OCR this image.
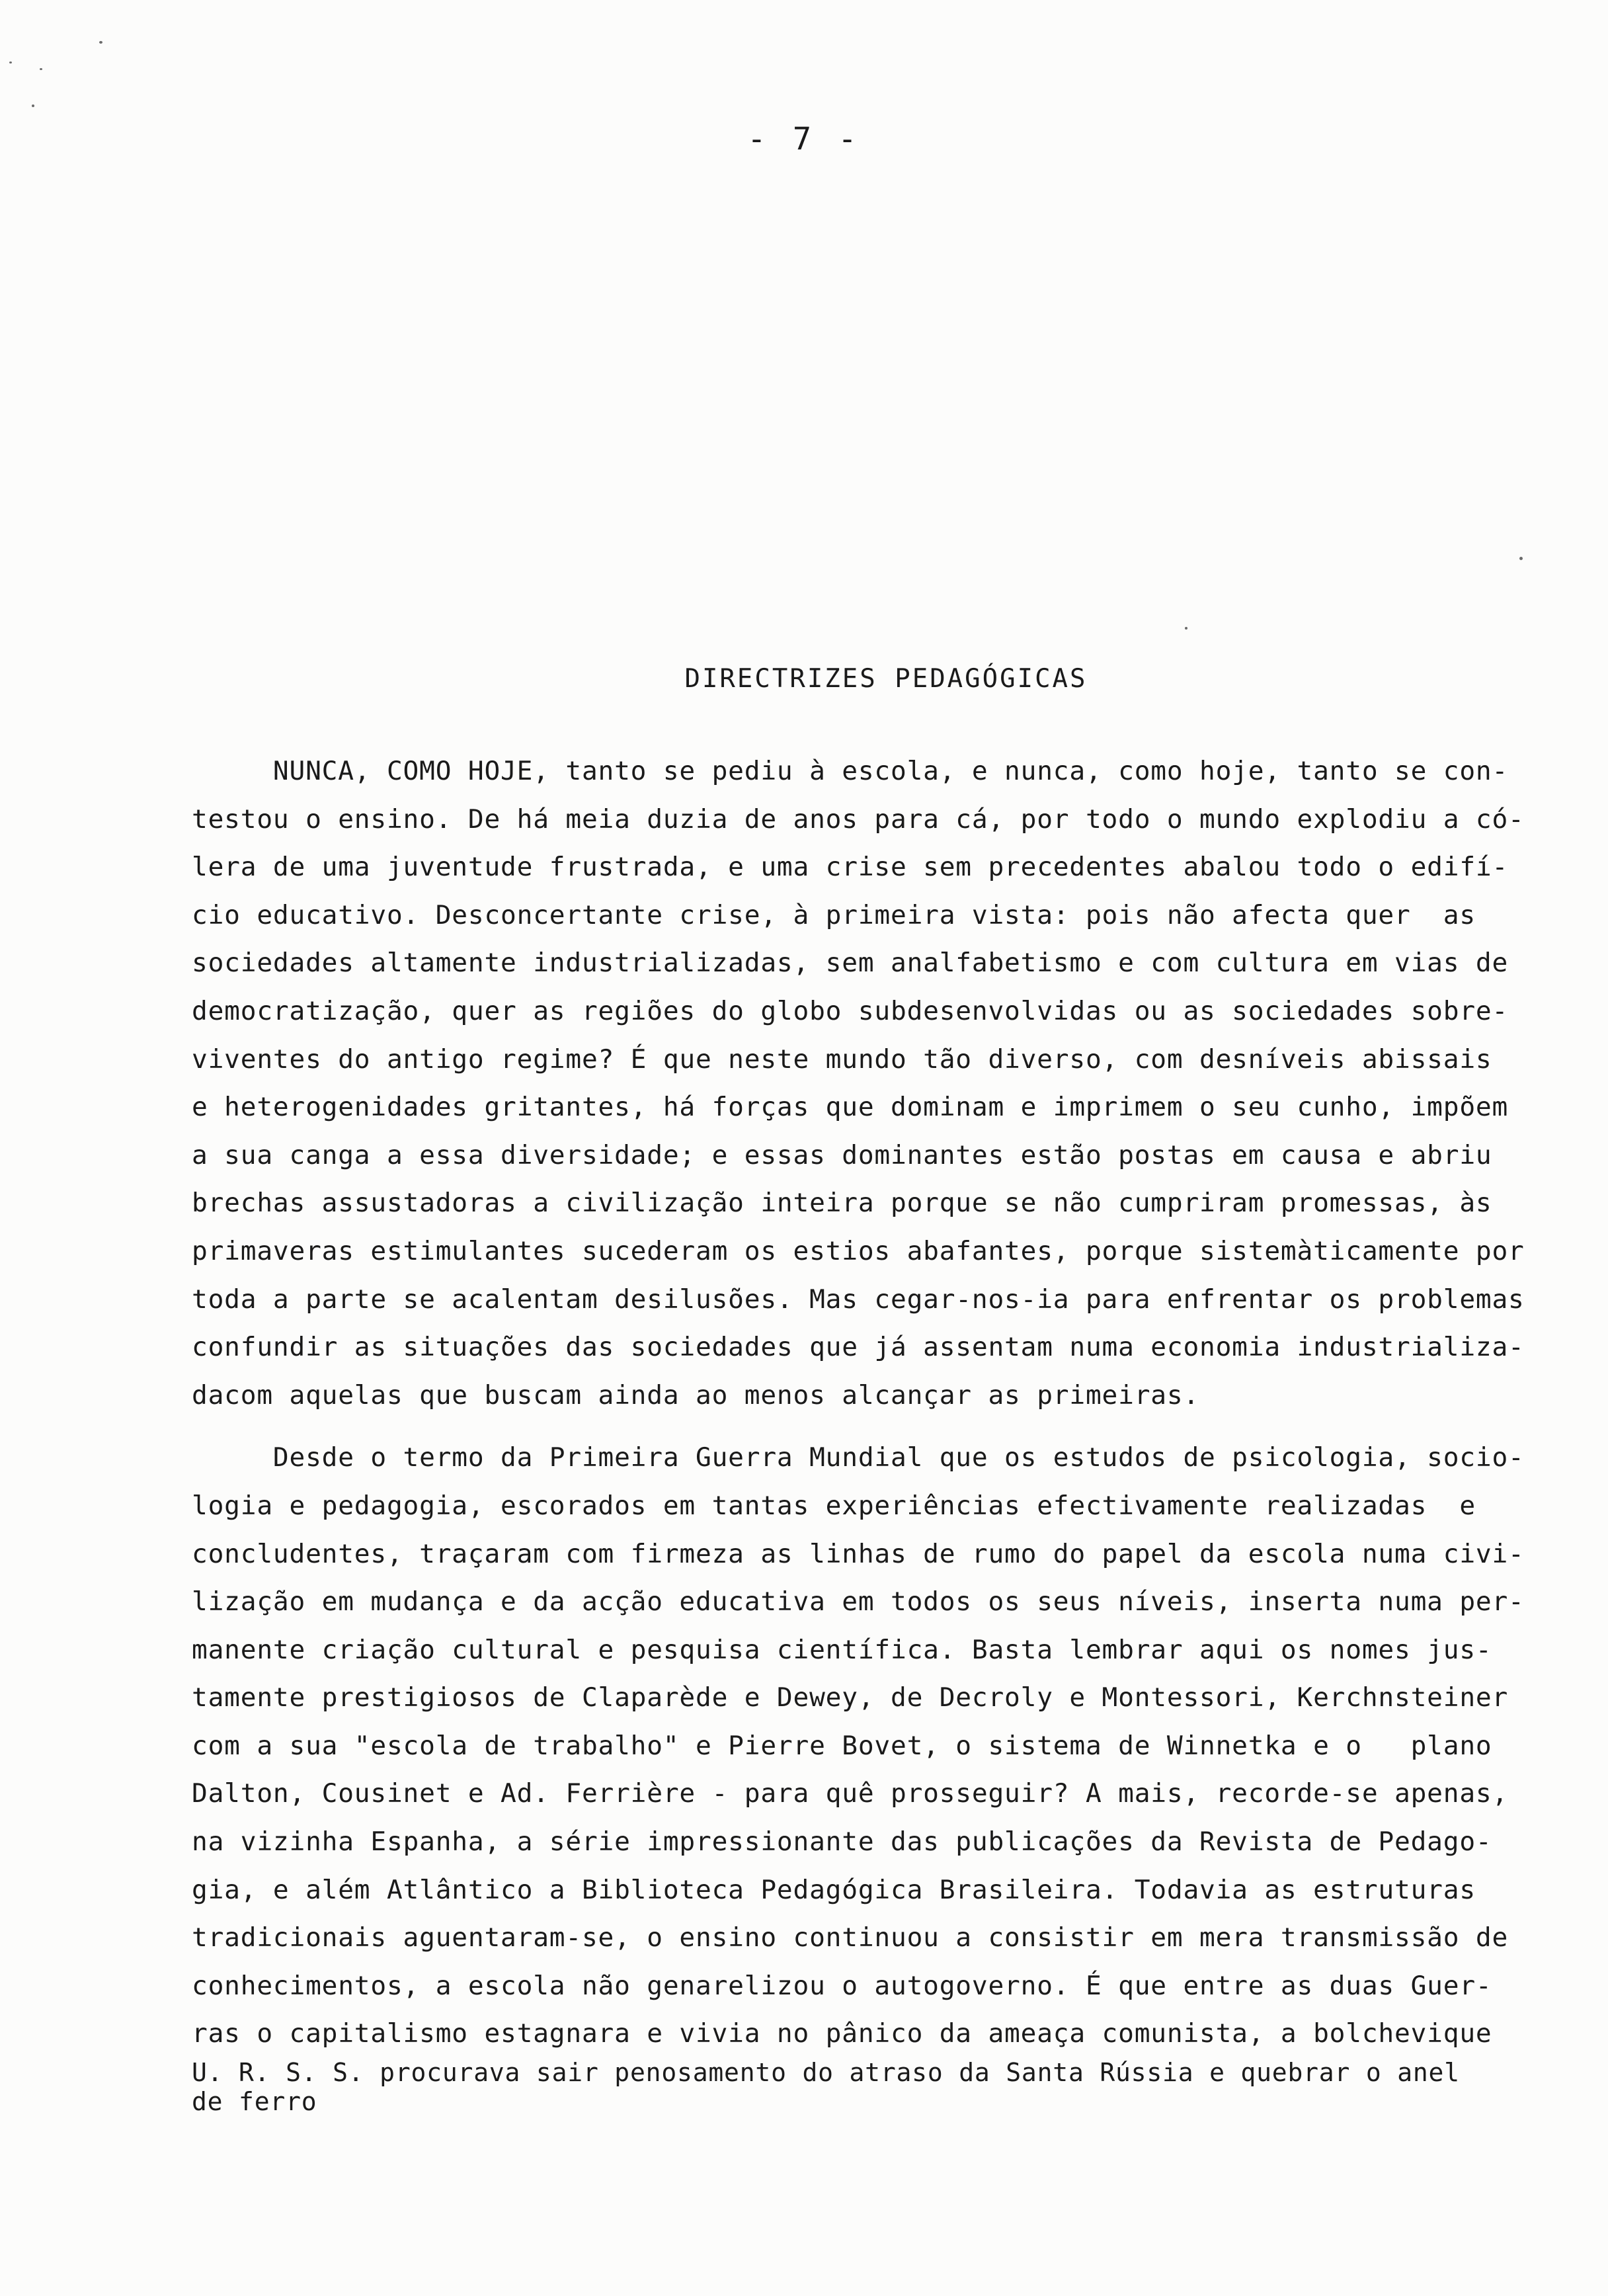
- 7 -
DIRECTRIZES PEDAGÓGICAS
NUNCA, COMO HOJE, tanto se pediu à escola, e nunca, como hoje, tanto se con-
testou o ensino. De há meia duzia de anos para cá, por todo o mundo explodiu a có-
lera de uma juventude frustrada, e uma crise sem precedentes abalou todo o edifí-
cio educativo. Desconcertante crise, à primeira vista: pois não afecta quer  as
sociedades altamente industrializadas, sem analfabetismo e com cultura em vias de
democratização, quer as regiões do globo subdesenvolvidas ou as sociedades sobre-
viventes do antigo regime? É que neste mundo tão diverso, com desníveis abissais
e heterogenidades gritantes, há forças que dominam e imprimem o seu cunho, impõem
a sua canga a essa diversidade; e essas dominantes estão postas em causa e abriu
brechas assustadoras a civilização inteira porque se não cumpriram promessas, às
primaveras estimulantes sucederam os estios abafantes, porque sistemàticamente por
toda a parte se acalentam desilusões. Mas cegar-nos-ia para enfrentar os problemas
confundir as situações das sociedades que já assentam numa economia industrializa-
dacom aquelas que buscam ainda ao menos alcançar as primeiras.
Desde o termo da Primeira Guerra Mundial que os estudos de psicologia, socio-
logia e pedagogia, escorados em tantas experiências efectivamente realizadas  e
concludentes, traçaram com firmeza as linhas de rumo do papel da escola numa civi-
lização em mudança e da acção educativa em todos os seus níveis, inserta numa per-
manente criação cultural e pesquisa científica. Basta lembrar aqui os nomes jus-
tamente prestigiosos de Claparède e Dewey, de Decroly e Montessori, Kerchnsteiner
com a sua "escola de trabalho" e Pierre Bovet, o sistema de Winnetka e o   plano
Dalton, Cousinet e Ad. Ferrière - para quê prosseguir? A mais, recorde-se apenas,
na vizinha Espanha, a série impressionante das publicações da Revista de Pedago-
gia, e além Atlântico a Biblioteca Pedagógica Brasileira. Todavia as estruturas
tradicionais aguentaram-se, o ensino continuou a consistir em mera transmissão de
conhecimentos, a escola não genarelizou o autogoverno. É que entre as duas Guer-
ras o capitalismo estagnara e vivia no pânico da ameaça comunista, a bolchevique
U. R. S. S. procurava sair penosamento do atraso da Santa Rússia e quebrar o anel
de ferro
